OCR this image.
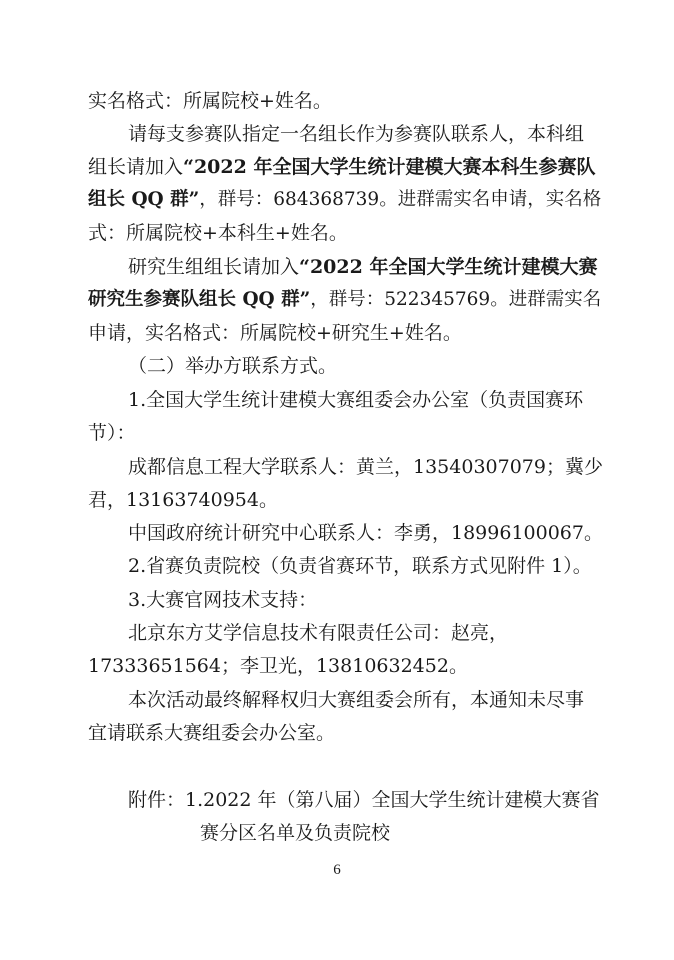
实名格式：所属院校+姓名。
请每支参赛队指定一名组长作为参赛队联系人，本科组
组长请加入“2022 年全国大学生统计建模大赛本科生参赛队
组长 QQ 群”，群号：684368739。进群需实名申请，实名格
式：所属院校+本科生+姓名。
研究生组组长请加入“2022 年全国大学生统计建模大赛
研究生参赛队组长 QQ 群”，群号：522345769。进群需实名
申请，实名格式：所属院校+研究生+姓名。
（二）举办方联系方式。
1.全国大学生统计建模大赛组委会办公室（负责国赛环
节）：
成都信息工程大学联系人：黄兰，13540307079；冀少
君，13163740954。
中国政府统计研究中心联系人：李勇，18996100067。
2.省赛负责院校（负责省赛环节，联系方式见附件 1）。
3.大赛官网技术支持：
北京东方艾学信息技术有限责任公司：赵亮，
17333651564；李卫光，13810632452。
本次活动最终解释权归大赛组委会所有，本通知未尽事
宜请联系大赛组委会办公室。
附件：1.2022 年（第八届）全国大学生统计建模大赛省
赛分区名单及负责院校
6
